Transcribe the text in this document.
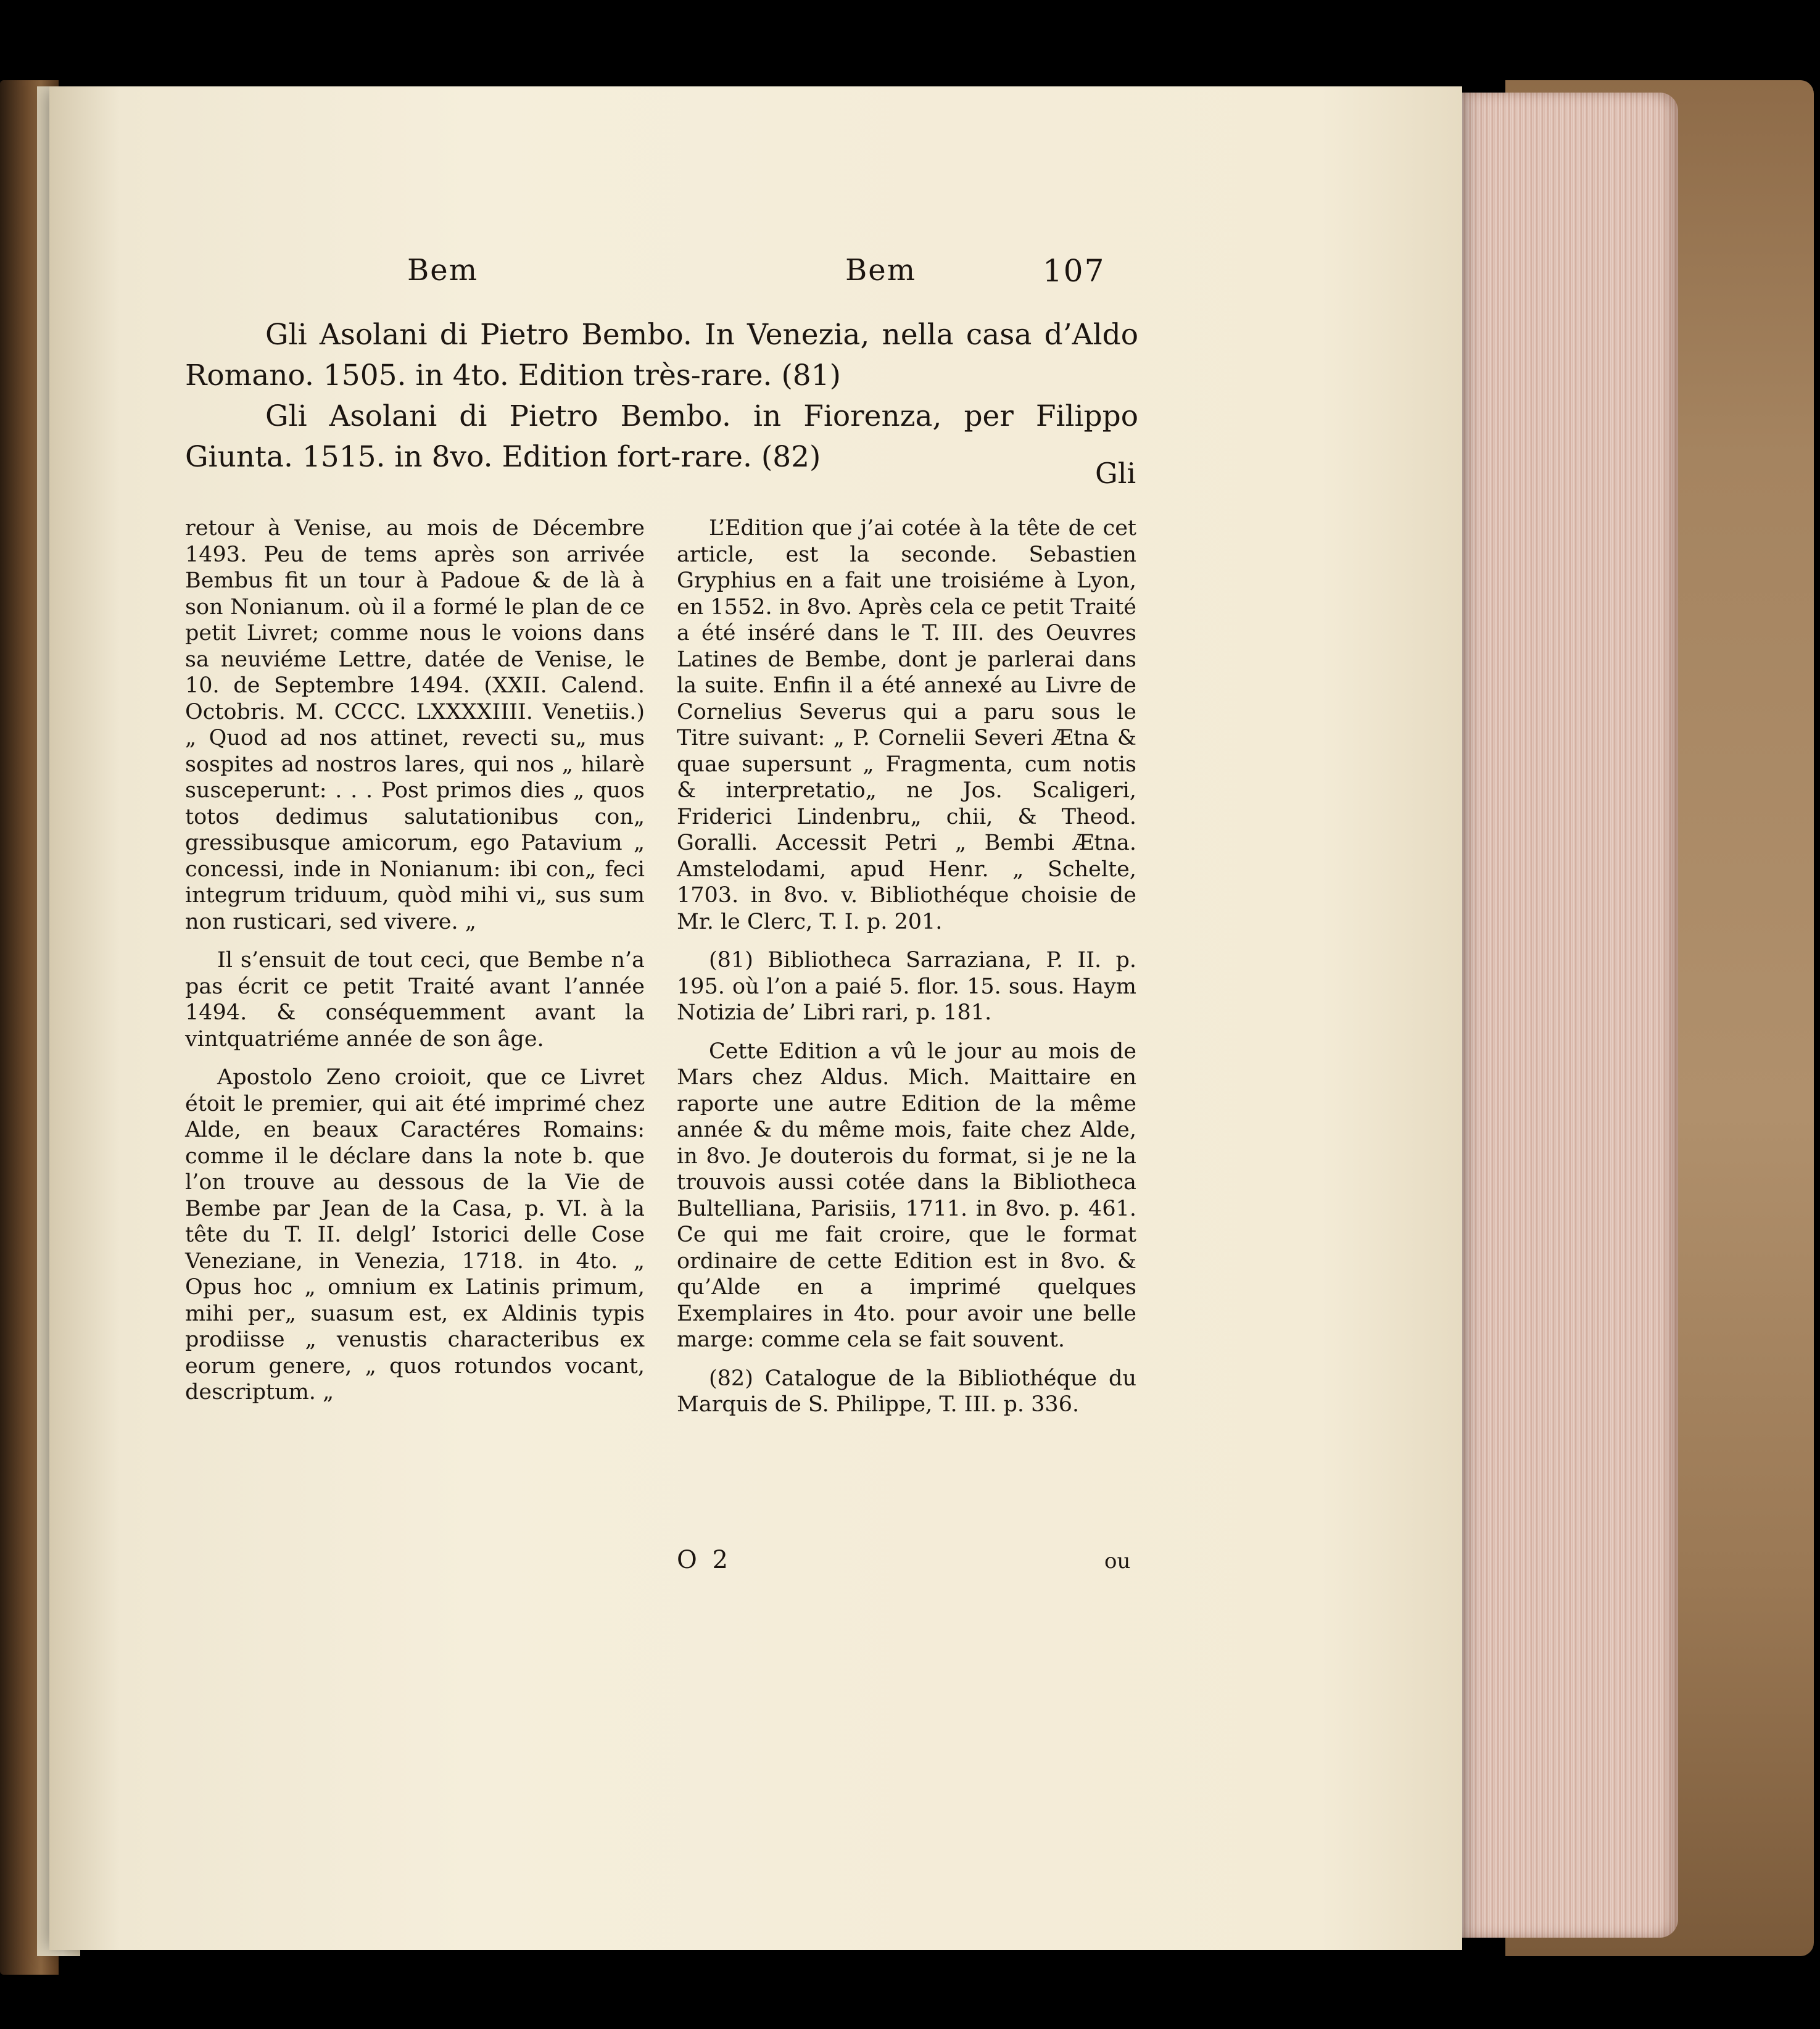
Bem	Bem	107

Gli Asolani di Pietro Bembo. In Venezia, nella casa d’Aldo Romano. 1505. in 4to. Edition très-rare. (81)

Gli Asolani di Pietro Bembo. in Fiorenza, per Filippo Giunta. 1515. in 8vo. Edition fort-rare. (82)	Gli

retour à Venise, au mois de Décembre 1493. Peu de tems après son arrivée Bembus fit un tour à Padoue & de là à son Nonianum. où il a formé le plan de ce petit Livret; comme nous le voions dans sa neuviéme Lettre, datée de Venise, le 10. de Septembre 1494. (XXII. Calend. Octobris. M. CCCC. LXXXXIIII. Venetiis.) „ Quod ad nos attinet, revecti su„ mus sospites ad nostros lares, qui nos „ hilarè susceperunt: . . . Post primos dies „ quos totos dedimus salutationibus con„ gressibusque amicorum, ego Patavium „ concessi, inde in Nonianum: ibi con„ feci integrum triduum, quòd mihi vi„ sus sum non rusticari, sed vivere. „

Il s’ensuit de tout ceci, que Bembe n’a pas écrit ce petit Traité avant l’année 1494. & conséquemment avant la vintquatriéme année de son âge.

Apostolo Zeno croioit, que ce Livret étoit le premier, qui ait été imprimé chez Alde, en beaux Caractéres Romains: comme il le déclare dans la note b. que l’on trouve au dessous de la Vie de Bembe par Jean de la Casa, p. VI. à la tête du T. II. delgl’ Istorici delle Cose Veneziane, in Venezia, 1718. in 4to. „ Opus hoc „ omnium ex Latinis primum, mihi per„ suasum est, ex Aldinis typis prodiisse „ venustis characteribus ex eorum genere, „ quos rotundos vocant, descriptum. „

L’Edition que j’ai cotée à la tête de cet article, est la seconde. Sebastien Gryphius en a fait une troisiéme à Lyon, en 1552. in 8vo. Après cela ce petit Traité a été inséré dans le T. III. des Oeuvres Latines de Bembe, dont je parlerai dans la suite. Enfin il a été annexé au Livre de Cornelius Severus qui a paru sous le Titre suivant: „ P. Cornelii Severi Ætna & quae supersunt „ Fragmenta, cum notis & interpretatio„ ne Jos. Scaligeri, Friderici Lindenbru„ chii, & Theod. Goralli. Accessit Petri „ Bembi Ætna. Amstelodami, apud Henr. „ Schelte, 1703. in 8vo. v. Bibliothéque choisie de Mr. le Clerc, T. I. p. 201.

(81) Bibliotheca Sarraziana, P. II. p. 195. où l’on a paié 5. flor. 15. sous. Haym Notizia de’ Libri rari, p. 181.

Cette Edition a vû le jour au mois de Mars chez Aldus. Mich. Maittaire en raporte une autre Edition de la même année & du même mois, faite chez Alde, in 8vo. Je douterois du format, si je ne la trouvois aussi cotée dans la Bibliotheca Bultelliana, Parisiis, 1711. in 8vo. p. 461. Ce qui me fait croire, que le format ordinaire de cette Edition est in 8vo. & qu’Alde en a imprimé quelques Exemplaires in 4to. pour avoir une belle marge: comme cela se fait souvent.

(82) Catalogue de la Bibliothéque du Marquis de S. Philippe, T. III. p. 336.

O 2	ou
